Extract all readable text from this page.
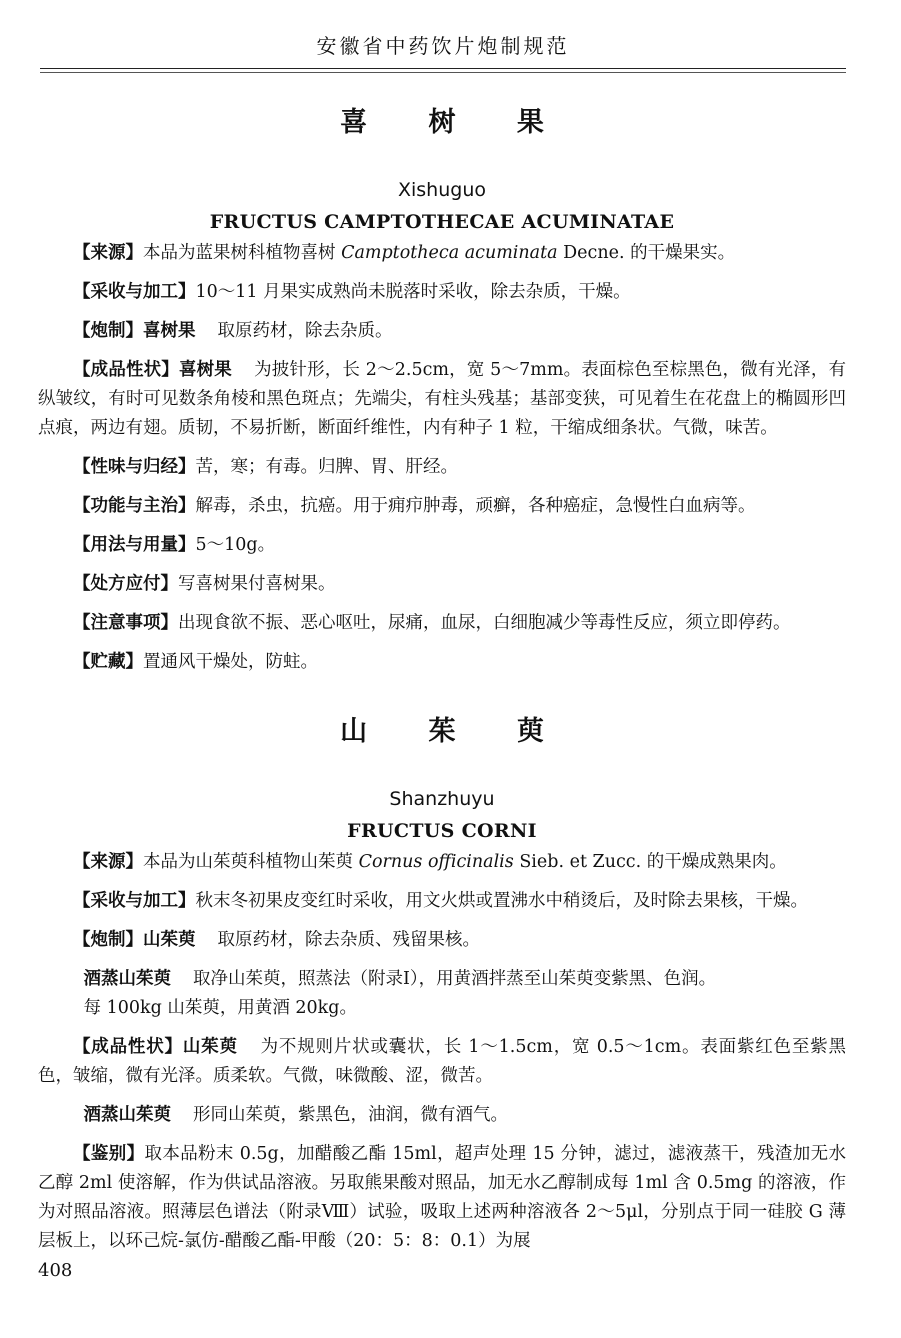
安徽省中药饮片炮制规范
喜 树 果
Xishuguo
FRUCTUS CAMPTOTHECAE ACUMINATAE

【来源】本品为蓝果树科植物喜树 Camptotheca acuminata Decne. 的干燥果实。

【采收与加工】10～11 月果实成熟尚未脱落时采收，除去杂质，干燥。

【炮制】喜树果 取原药材，除去杂质。

【成品性状】喜树果 为披针形，长 2～2.5cm，宽 5～7mm。表面棕色至棕黑色，微有光泽，有纵皱纹，有时可见数条角棱和黑色斑点；先端尖，有柱头残基；基部变狭，可见着生在花盘上的椭圆形凹点痕，两边有翅。质韧，不易折断，断面纤维性，内有种子 1 粒，干缩成细条状。气微，味苦。

【性味与归经】苦，寒；有毒。归脾、胃、肝经。

【功能与主治】解毒，杀虫，抗癌。用于痈疖肿毒，顽癣，各种癌症，急慢性白血病等。

【用法与用量】5～10g。

【处方应付】写喜树果付喜树果。

【注意事项】出现食欲不振、恶心呕吐，尿痛，血尿，白细胞减少等毒性反应，须立即停药。

【贮藏】置通风干燥处，防蛀。

山 茱 萸
Shanzhuyu
FRUCTUS CORNI

【来源】本品为山茱萸科植物山茱萸 Cornus officinalis Sieb. et Zucc. 的干燥成熟果肉。

【采收与加工】秋末冬初果皮变红时采收，用文火烘或置沸水中稍烫后，及时除去果核，干燥。

【炮制】山茱萸 取原药材，除去杂质、残留果核。

酒蒸山茱萸 取净山茱萸，照蒸法（附录Ⅰ），用黄酒拌蒸至山茱萸变紫黑、色润。

每 100kg 山茱萸，用黄酒 20kg。

【成品性状】山茱萸 为不规则片状或囊状，长 1～1.5cm，宽 0.5～1cm。表面紫红色至紫黑色，皱缩，微有光泽。质柔软。气微，味微酸、涩，微苦。

酒蒸山茱萸 形同山茱萸，紫黑色，油润，微有酒气。

【鉴别】取本品粉末 0.5g，加醋酸乙酯 15ml，超声处理 15 分钟，滤过，滤液蒸干，残渣加无水乙醇 2ml 使溶解，作为供试品溶液。另取熊果酸对照品，加无水乙醇制成每 1ml 含 0.5mg 的溶液，作为对照品溶液。照薄层色谱法（附录Ⅷ）试验，吸取上述两种溶液各 2～5μl，分别点于同一硅胶 G 薄层板上，以环己烷-氯仿-醋酸乙酯-甲酸（20：5：8：0.1）为展

408
